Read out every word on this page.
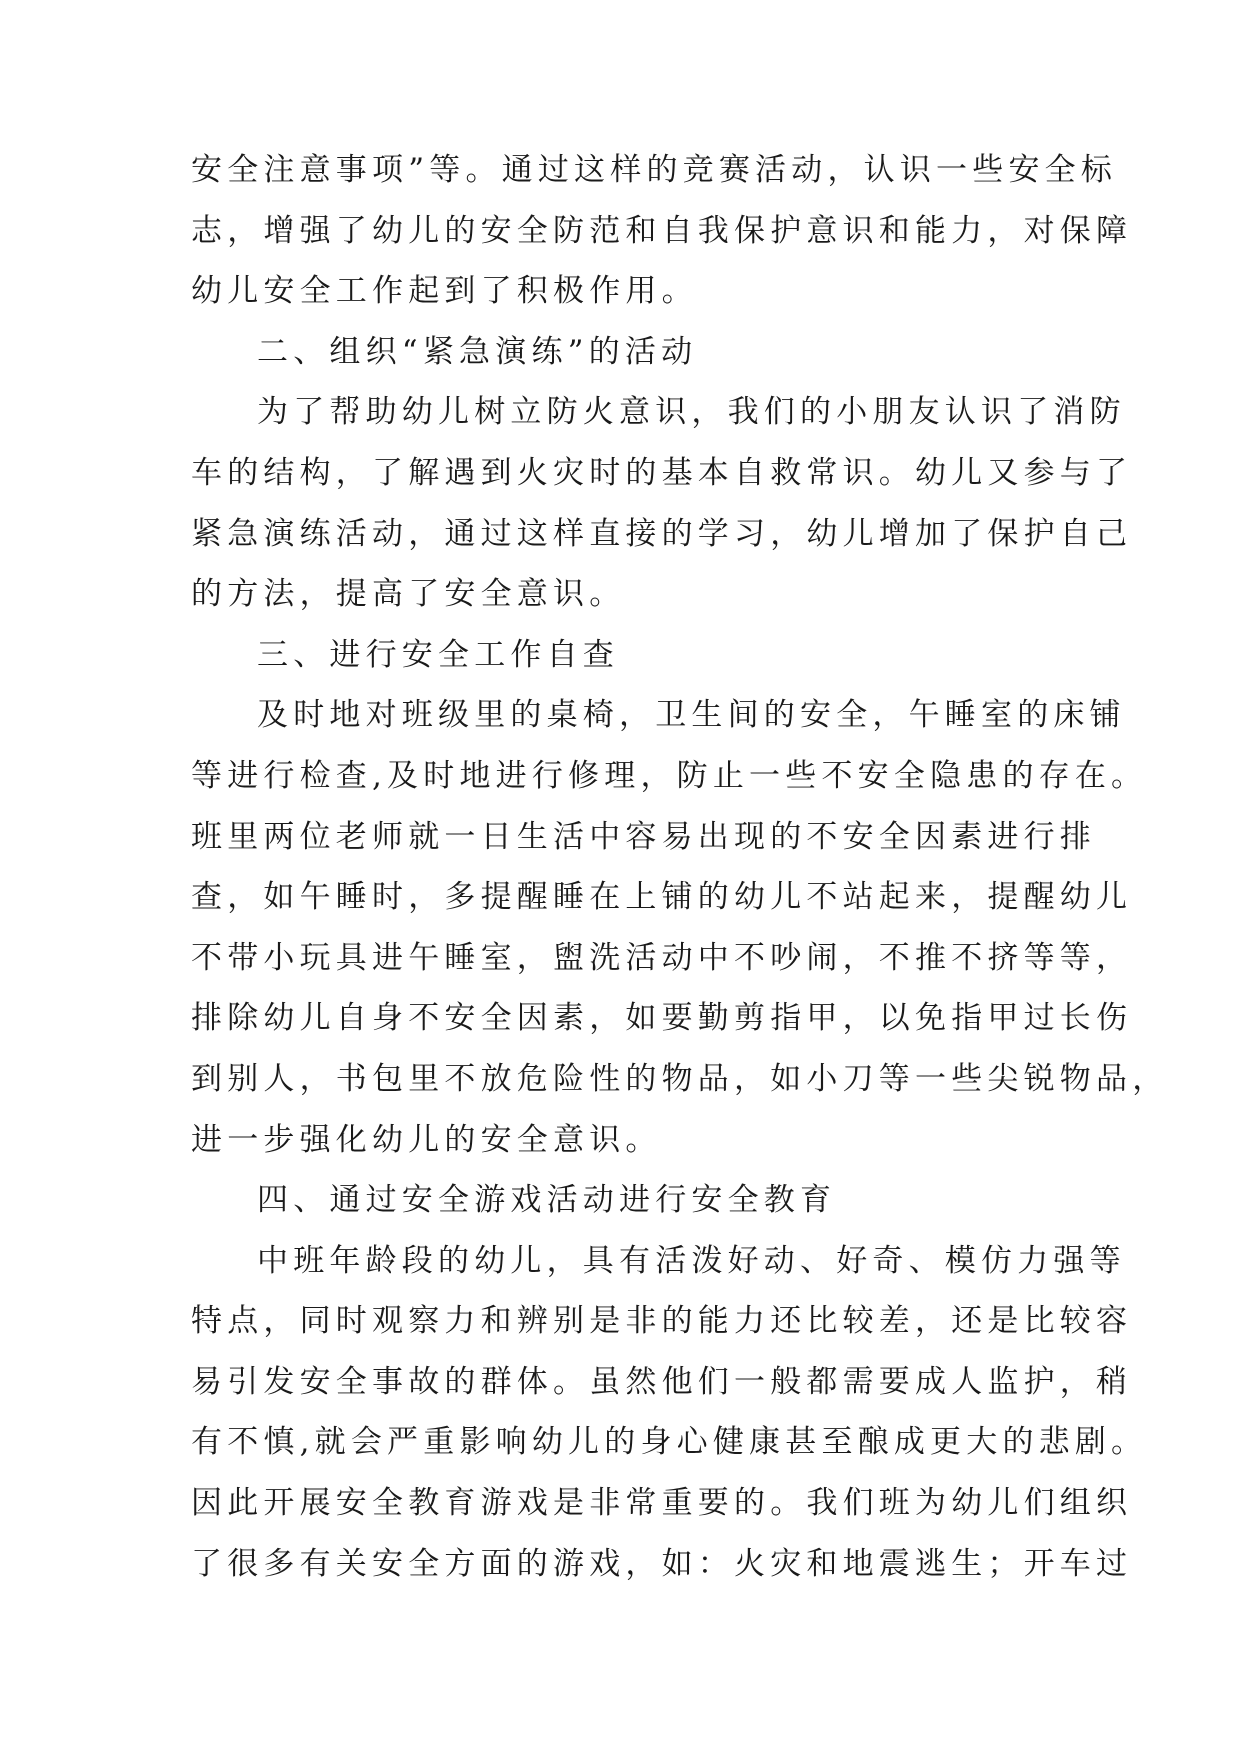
安全注意事项”等。通过这样的竞赛活动，认识一些安全标
志，增强了幼儿的安全防范和自我保护意识和能力，对保障
幼儿安全工作起到了积极作用。
二、组织“紧急演练”的活动
为了帮助幼儿树立防火意识，我们的小朋友认识了消防
车的结构，了解遇到火灾时的基本自救常识。幼儿又参与了
紧急演练活动，通过这样直接的学习，幼儿增加了保护自己
的方法，提高了安全意识。
三、进行安全工作自查
及时地对班级里的桌椅，卫生间的安全，午睡室的床铺
等进行检查,及时地进行修理，防止一些不安全隐患的存在。
班里两位老师就一日生活中容易出现的不安全因素进行排
查，如午睡时，多提醒睡在上铺的幼儿不站起来，提醒幼儿
不带小玩具进午睡室，盥洗活动中不吵闹，不推不挤等等，
排除幼儿自身不安全因素，如要勤剪指甲，以免指甲过长伤
到别人，书包里不放危险性的物品，如小刀等一些尖锐物品，
进一步强化幼儿的安全意识。
四、通过安全游戏活动进行安全教育
中班年龄段的幼儿，具有活泼好动、好奇、模仿力强等
特点，同时观察力和辨别是非的能力还比较差，还是比较容
易引发安全事故的群体。虽然他们一般都需要成人监护，稍
有不慎,就会严重影响幼儿的身心健康甚至酿成更大的悲剧。
因此开展安全教育游戏是非常重要的。我们班为幼儿们组织
了很多有关安全方面的游戏，如：火灾和地震逃生；开车过
